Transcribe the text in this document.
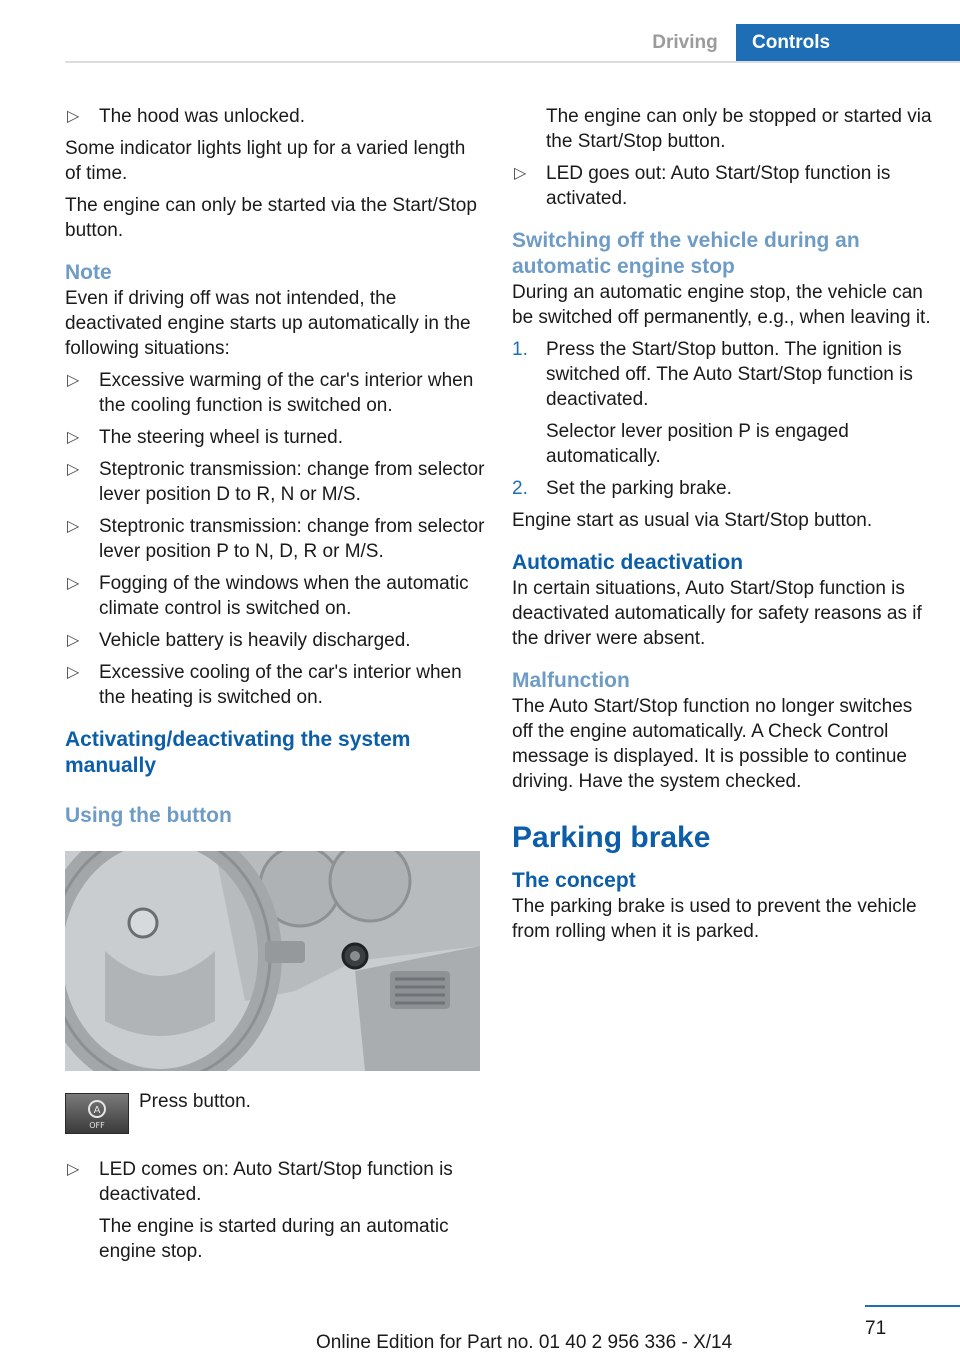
Driving	Controls
▷ The hood was unlocked.

Some indicator lights light up for a varied length of time.

The engine can only be started via the Start/Stop button.

Note

Even if driving off was not intended, the deactivated engine starts up automatically in the following situations:

▷ Excessive warming of the car's interior when the cooling function is switched on.
▷ The steering wheel is turned.
▷ Steptronic transmission: change from selector lever position D to R, N or M/S.
▷ Steptronic transmission: change from selector lever position P to N, D, R or M/S.
▷ Fogging of the windows when the automatic climate control is switched on.
▷ Vehicle battery is heavily discharged.
▷ Excessive cooling of the car's interior when the heating is switched on.
Activating/deactivating the system manually
Using the button
A
OFF
Press button.
▷ LED comes on: Auto Start/Stop function is deactivated.
The engine is started during an automatic engine stop.
The engine can only be stopped or started via the Start/Stop button.
▷ LED goes out: Auto Start/Stop function is activated.
Switching off the vehicle during an automatic engine stop

During an automatic engine stop, the vehicle can be switched off permanently, e.g., when leaving it.

1. Press the Start/Stop button. The ignition is switched off. The Auto Start/Stop function is deactivated.
Selector lever position P is engaged automatically.
2. Set the parking brake.

Engine start as usual via Start/Stop button.

Automatic deactivation

In certain situations, Auto Start/Stop function is deactivated automatically for safety reasons as if the driver were absent.

Malfunction

The Auto Start/Stop function no longer switches off the engine automatically. A Check Control message is displayed. It is possible to continue driving. Have the system checked.

Parking brake
The concept

The parking brake is used to prevent the vehicle from rolling when it is parked.

71
Online Edition for Part no. 01 40 2 956 336 - X/14
